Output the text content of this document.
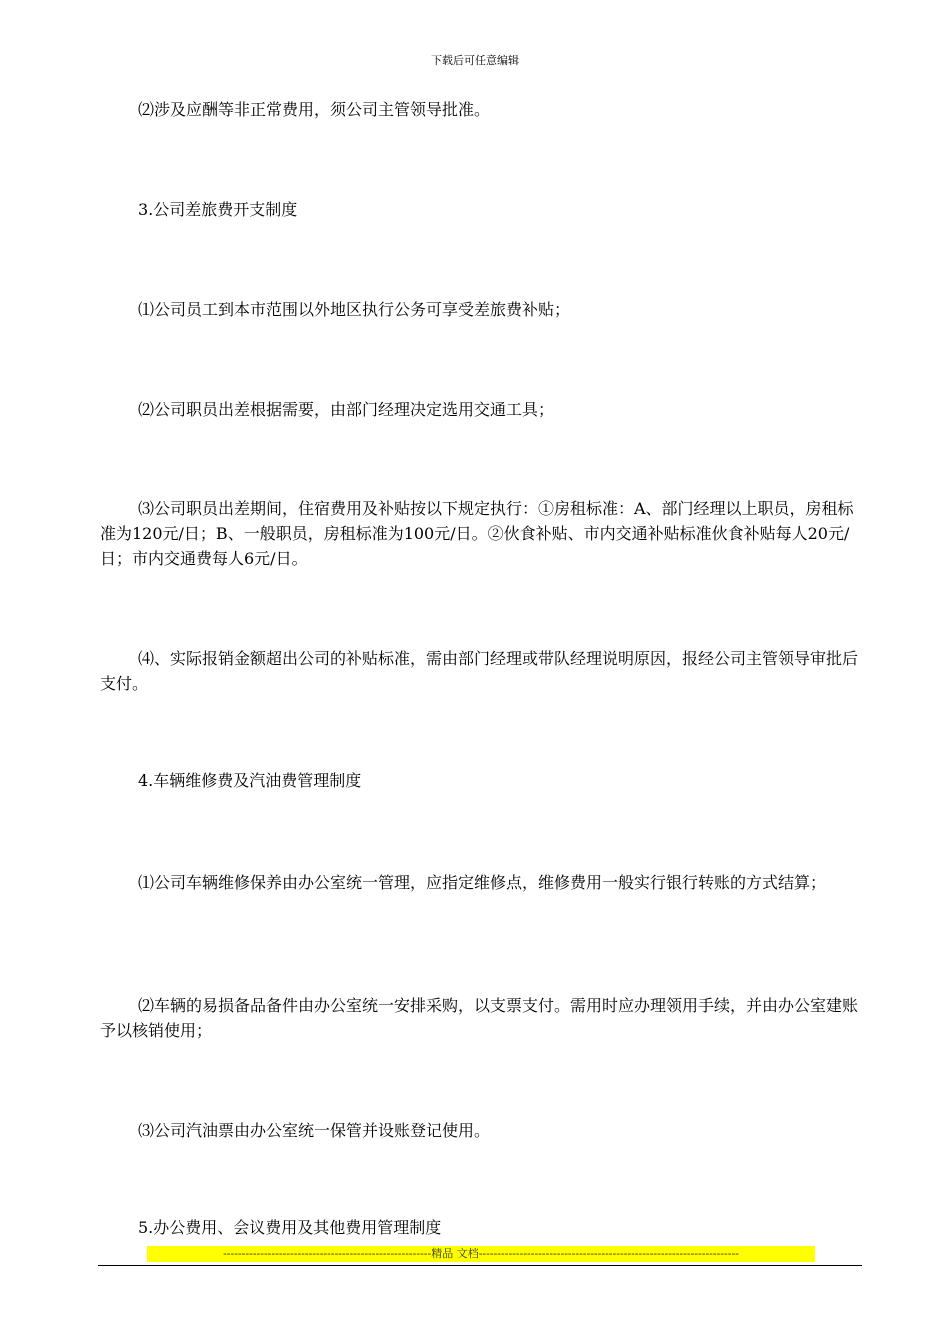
下载后可任意编辑

⑵涉及应酬等非正常费用，须公司主管领导批准。

3.公司差旅费开支制度

⑴公司员工到本市范围以外地区执行公务可享受差旅费补贴；

⑵公司职员出差根据需要，由部门经理决定选用交通工具；

⑶公司职员出差期间，住宿费用及补贴按以下规定执行：①房租标准：A、部门经理以上职员，房租标准为120元/日；B、一般职员，房租标准为100元/日。②伙食补贴、市内交通补贴标准伙食补贴每人20元/日；市内交通费每人6元/日。

⑷、实际报销金额超出公司的补贴标准，需由部门经理或带队经理说明原因，报经公司主管领导审批后支付。

4.车辆维修费及汽油费管理制度

⑴公司车辆维修保养由办公室统一管理，应指定维修点，维修费用一般实行银行转账的方式结算；

⑵车辆的易损备品备件由办公室统一安排采购，以支票支付。需用时应办理领用手续，并由办公室建账予以核销使用；

⑶公司汽油票由办公室统一保管并设账登记使用。

5.办公费用、会议费用及其他费用管理制度

--------------------------------------------------------精品 文档----------------------------------------------------------------------
